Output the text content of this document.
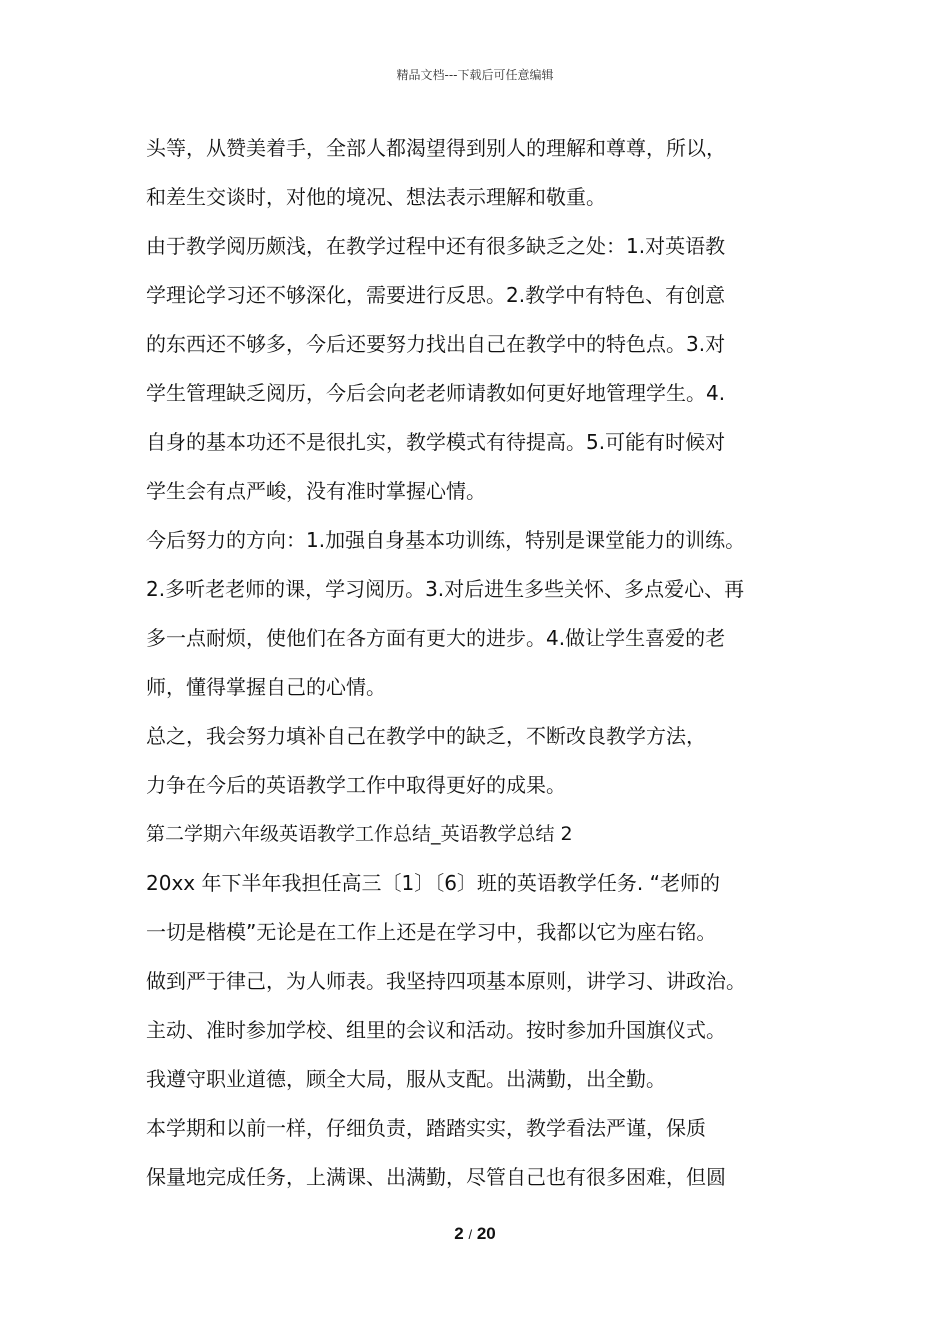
精品文档---下载后可任意编辑
头等，从赞美着手，全部人都渴望得到别人的理解和尊尊，所以，
和差生交谈时，对他的境况、想法表示理解和敬重。
由于教学阅历颇浅，在教学过程中还有很多缺乏之处：1.对英语教
学理论学习还不够深化，需要进行反思。2.教学中有特色、有创意
的东西还不够多，今后还要努力找出自己在教学中的特色点。3.对
学生管理缺乏阅历，今后会向老老师请教如何更好地管理学生。4.
自身的基本功还不是很扎实，教学模式有待提高。5.可能有时候对
学生会有点严峻，没有准时掌握心情。
今后努力的方向：1.加强自身基本功训练，特别是课堂能力的训练。
2.多听老老师的课，学习阅历。3.对后进生多些关怀、多点爱心、再
多一点耐烦，使他们在各方面有更大的进步。4.做让学生喜爱的老
师，懂得掌握自己的心情。
总之，我会努力填补自己在教学中的缺乏，不断改良教学方法，
力争在今后的英语教学工作中取得更好的成果。
第二学期六年级英语教学工作总结_英语教学总结 2
20xx 年下半年我担任高三〔1〕〔6〕班的英语教学任务. “老师的
一切是楷模”无论是在工作上还是在学习中，我都以它为座右铭。
做到严于律己，为人师表。我坚持四项基本原则，讲学习、讲政治。
主动、准时参加学校、组里的会议和活动。按时参加升国旗仪式。
我遵守职业道德，顾全大局，服从支配。出满勤，出全勤。
本学期和以前一样，仔细负责，踏踏实实，教学看法严谨，保质
保量地完成任务，上满课、出满勤，尽管自己也有很多困难，但圆
2 / 20
